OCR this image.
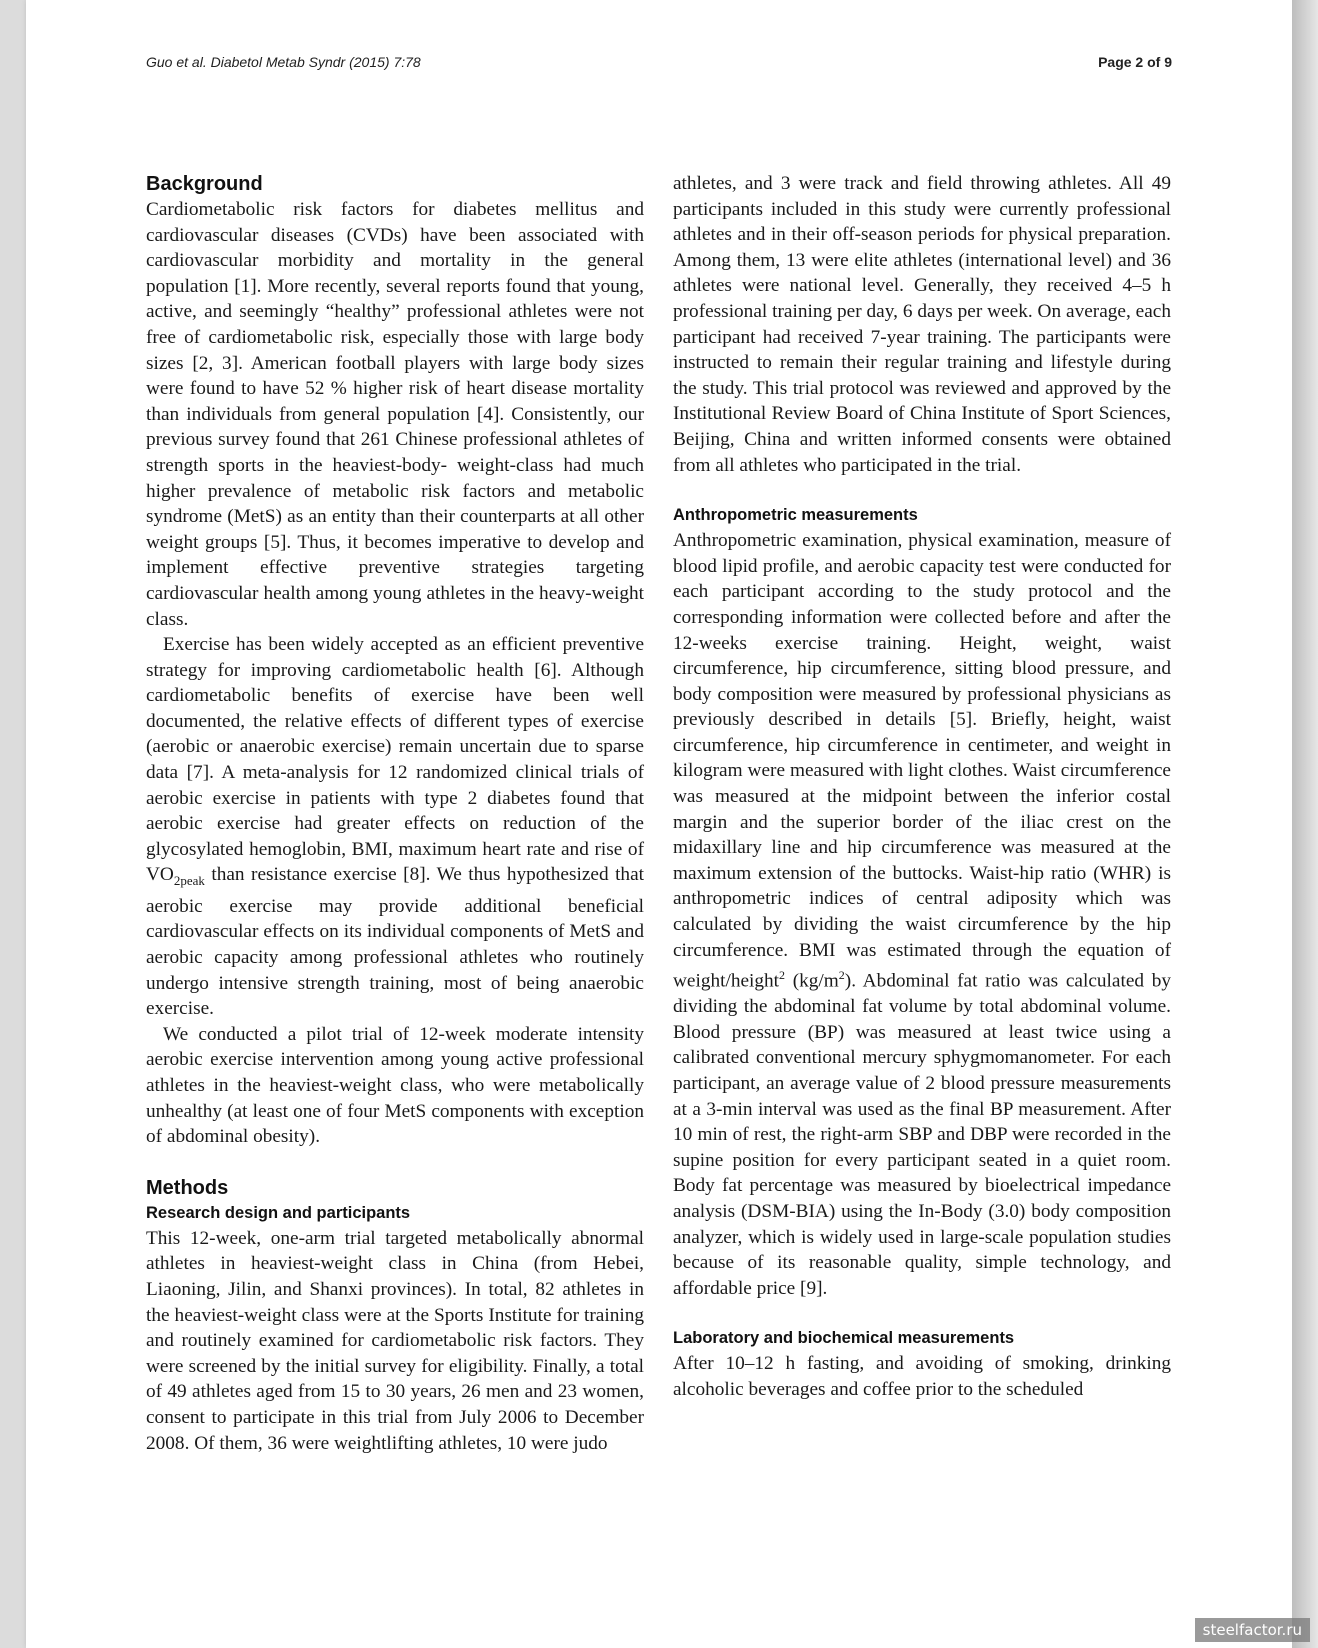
Guo et al. Diabetol Metab Syndr (2015) 7:78	Page 2 of 9
Background

Cardiometabolic risk factors for diabetes mellitus and cardiovascular diseases (CVDs) have been associated with cardiovascular morbidity and mortality in the general population [1]. More recently, several reports found that young, active, and seemingly “healthy” professional athletes were not free of cardiometabolic risk, especially those with large body sizes [2, 3]. American football players with large body sizes were found to have 52 % higher risk of heart disease mortality than individuals from general population [4]. Consistently, our previous survey found that 261 Chinese professional athletes of strength sports in the heaviest-body- weight-class had much higher prevalence of metabolic risk factors and metabolic syndrome (MetS) as an entity than their counterparts at all other weight groups [5]. Thus, it becomes imperative to develop and implement effective preventive strategies targeting cardiovascular health among young athletes in the heavy-weight class.

Exercise has been widely accepted as an efficient preventive strategy for improving cardiometabolic health [6]. Although cardiometabolic benefits of exercise have been well documented, the relative effects of different types of exercise (aerobic or anaerobic exercise) remain uncertain due to sparse data [7]. A meta-analysis for 12 randomized clinical trials of aerobic exercise in patients with type 2 diabetes found that aerobic exercise had greater effects on reduction of the glycosylated hemoglobin, BMI, maximum heart rate and rise of $VO_{2peak}$ than resistance exercise [8]. We thus hypothesized that aerobic exercise may provide additional beneficial cardiovascular effects on its individual components of MetS and aerobic capacity among professional athletes who routinely undergo intensive strength training, most of being anaerobic exercise.

We conducted a pilot trial of 12-week moderate intensity aerobic exercise intervention among young active professional athletes in the heaviest-weight class, who were metabolically unhealthy (at least one of four MetS components with exception of abdominal obesity).

Methods
Research design and participants

This 12-week, one-arm trial targeted metabolically abnormal athletes in heaviest-weight class in China (from Hebei, Liaoning, Jilin, and Shanxi provinces). In total, 82 athletes in the heaviest-weight class were at the Sports Institute for training and routinely examined for cardiometabolic risk factors. They were screened by the initial survey for eligibility. Finally, a total of 49 athletes aged from 15 to 30 years, 26 men and 23 women, consent to participate in this trial from July 2006 to December 2008. Of them, 36 were weightlifting athletes, 10 were judo

athletes, and 3 were track and field throwing athletes. All 49 participants included in this study were currently professional athletes and in their off-season periods for physical preparation. Among them, 13 were elite athletes (international level) and 36 athletes were national level. Generally, they received 4–5 h professional training per day, 6 days per week. On average, each participant had received 7-year training. The participants were instructed to remain their regular training and lifestyle during the study. This trial protocol was reviewed and approved by the Institutional Review Board of China Institute of Sport Sciences, Beijing, China and written informed consents were obtained from all athletes who participated in the trial.

Anthropometric measurements

Anthropometric examination, physical examination, measure of blood lipid profile, and aerobic capacity test were conducted for each participant according to the study protocol and the corresponding information were collected before and after the 12-weeks exercise training. Height, weight, waist circumference, hip circumference, sitting blood pressure, and body composition were measured by professional physicians as previously described in details [5]. Briefly, height, waist circumference, hip circumference in centimeter, and weight in kilogram were measured with light clothes. Waist circumference was measured at the midpoint between the inferior costal margin and the superior border of the iliac crest on the midaxillary line and hip circumference was measured at the maximum extension of the buttocks. Waist-hip ratio (WHR) is anthropometric indices of central adiposity which was calculated by dividing the waist circumference by the hip circumference. BMI was estimated through the equation of weight/height$^2$ $(kg/m^2)$. Abdominal fat ratio was calculated by dividing the abdominal fat volume by total abdominal volume. Blood pressure (BP) was measured at least twice using a calibrated conventional mercury sphygmomanometer. For each participant, an average value of 2 blood pressure measurements at a 3-min interval was used as the final BP measurement. After 10 min of rest, the right-arm SBP and DBP were recorded in the supine position for every participant seated in a quiet room. Body fat percentage was measured by bioelectrical impedance analysis (DSM-BIA) using the In-Body (3.0) body composition analyzer, which is widely used in large-scale population studies because of its reasonable quality, simple technology, and affordable price [9].

Laboratory and biochemical measurements

After 10–12 h fasting, and avoiding of smoking, drinking alcoholic beverages and coffee prior to the scheduled

steelfactor.ru
